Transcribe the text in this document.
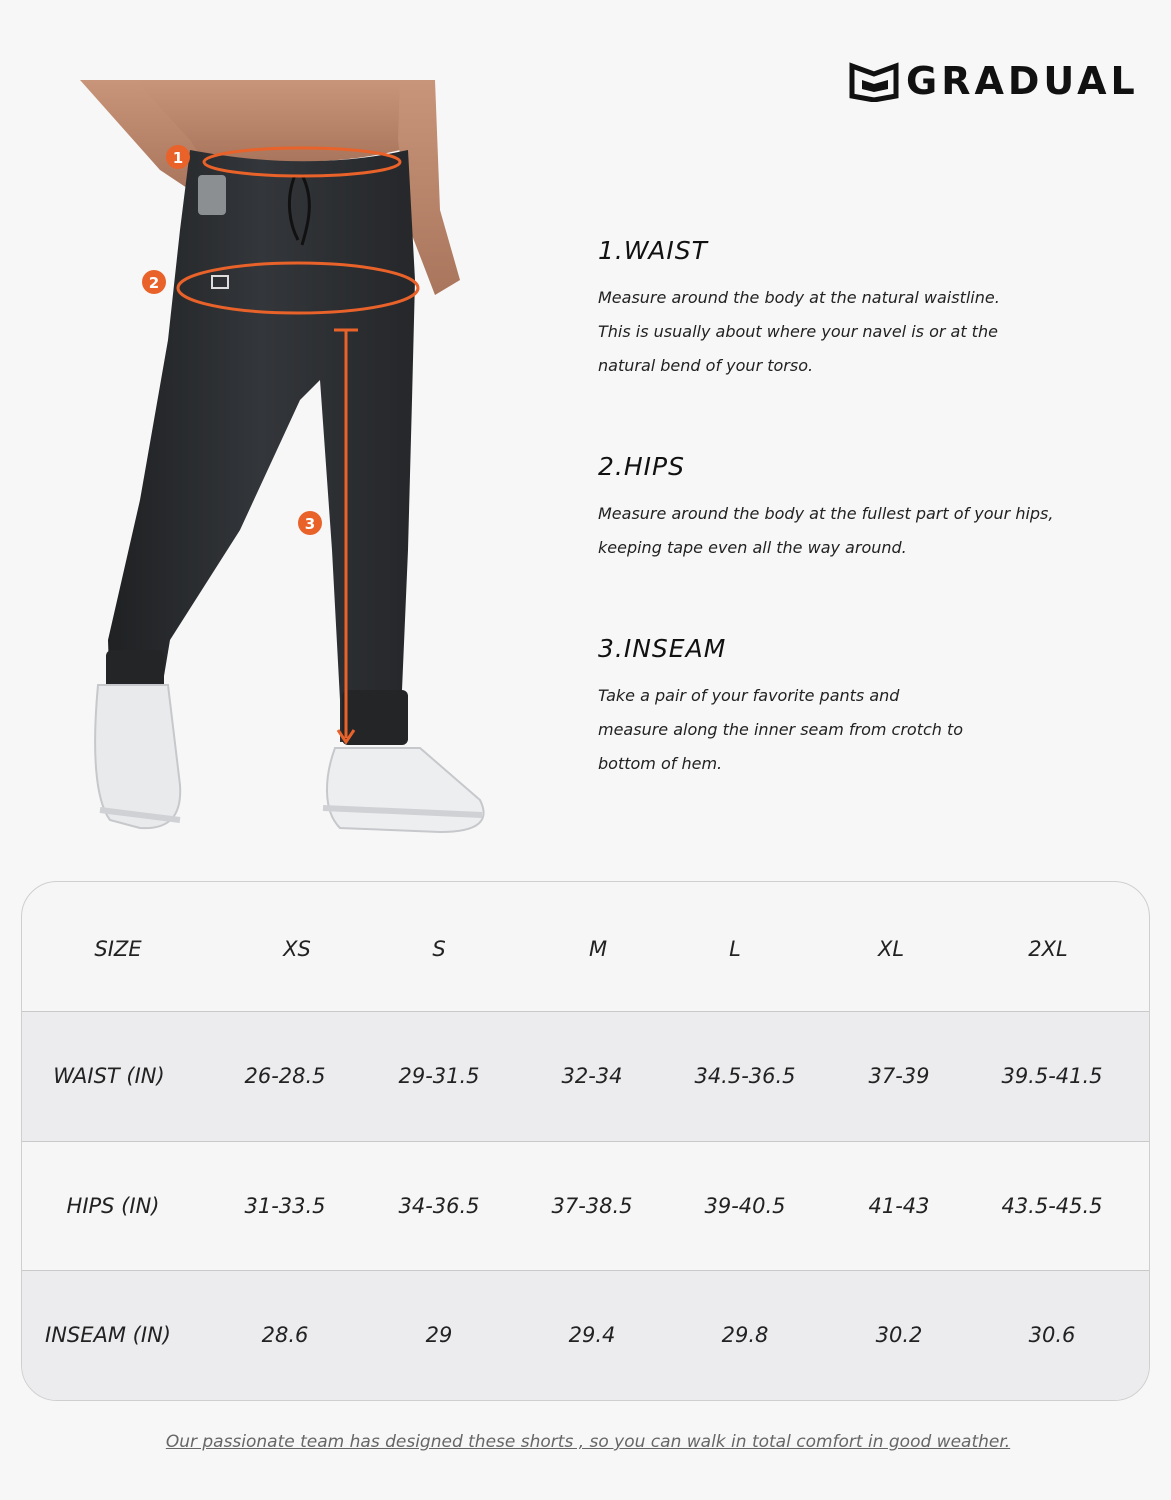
GRADUAL
1
2
3
1.WAIST
Measure around the body at the natural waistline.
This is usually about where your navel is or at the
natural bend of your torso.
2.HIPS
Measure around the body at the fullest part of your hips,
keeping tape even all the way around.
3.INSEAM
Take a pair of your favorite pants and
measure along the inner seam from crotch to
bottom of hem.
SIZE	XS	S	M	L	XL	2XL
WAIST (IN)	26-28.5	29-31.5	32-34	34.5-36.5	37-39	39.5-41.5
HIPS (IN)	31-33.5	34-36.5	37-38.5	39-40.5	41-43	43.5-45.5
INSEAM (IN)	28.6	29	29.4	29.8	30.2	30.6
Our passionate team has designed these shorts , so you can walk in total comfort in good weather.
